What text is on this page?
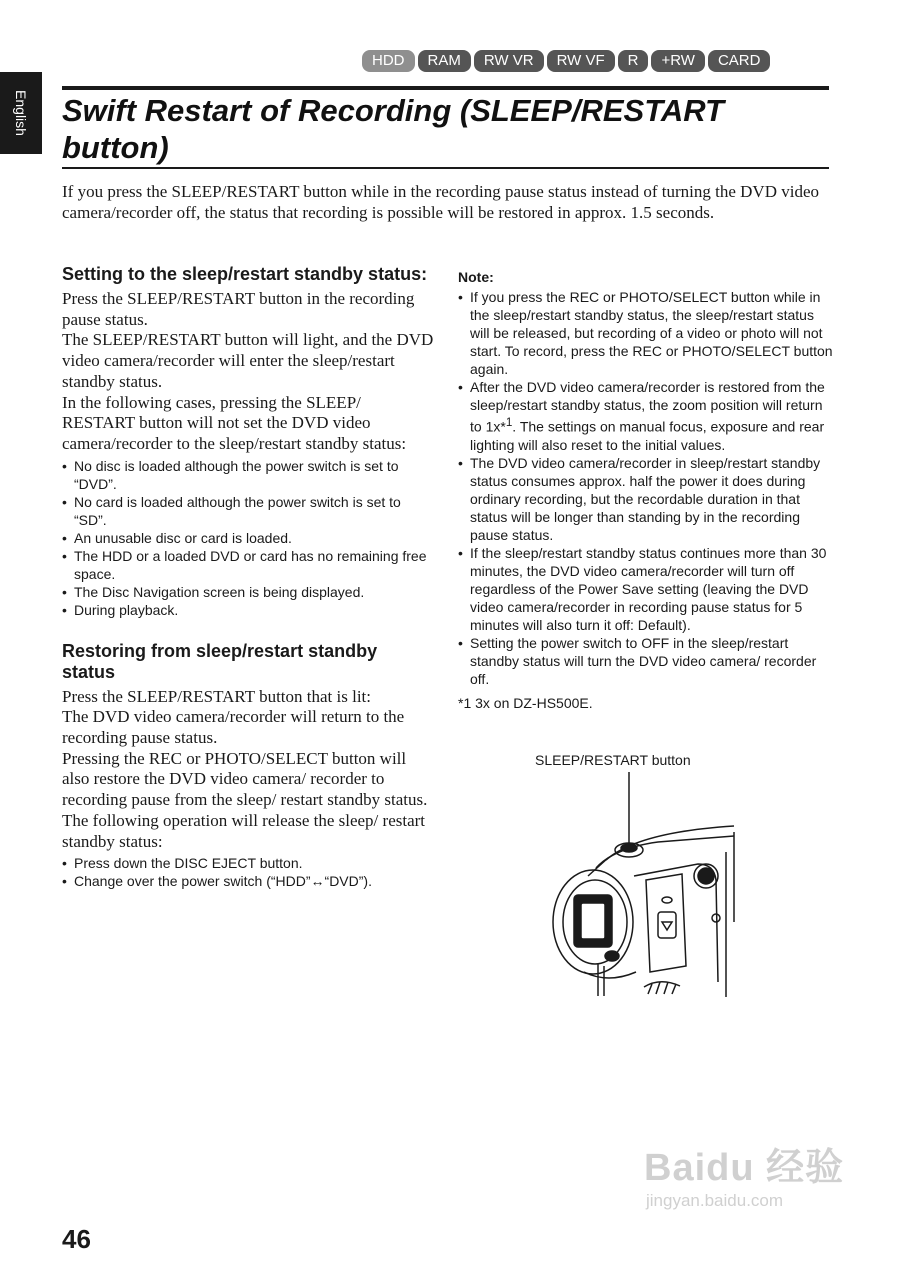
English
HDD	RAM	RW VR	RW VF	R	+RW	CARD
Swift Restart of Recording (SLEEP/RESTART button)

If you press the SLEEP/RESTART button while in the recording pause status instead of turning the DVD video camera/recorder off, the status that recording is possible will be restored in approx. 1.5 seconds.

Setting to the sleep/restart standby status:

Press the SLEEP/RESTART button in the recording pause status.

The SLEEP/RESTART button will light, and the DVD video camera/recorder will enter the sleep/restart standby status.

In the following cases, pressing the SLEEP/ RESTART button will not set the DVD video camera/recorder to the sleep/restart standby status:

• No disc is loaded although the power switch is set to “DVD”.
• No card is loaded although the power switch is set to “SD”.
• An unusable disc or card is loaded.
• The HDD or a loaded DVD or card has no remaining free space.
• The Disc Navigation screen is being displayed.
• During playback.
Restoring from sleep/restart standby status

Press the SLEEP/RESTART button that is lit:

The DVD video camera/recorder will return to the recording pause status.

Pressing the REC or PHOTO/SELECT button will also restore the DVD video camera/ recorder to recording pause from the sleep/ restart standby status.

The following operation will release the sleep/ restart standby status:

• Press down the DISC EJECT button.
• Change over the power switch (“HDD”↔“DVD”).
Note:
• If you press the REC or PHOTO/SELECT button while in the sleep/restart standby status, the sleep/restart status will be released, but recording of a video or photo will not start. To record, press the REC or PHOTO/SELECT button again.
• After the DVD video camera/recorder is restored from the sleep/restart standby status, the zoom position will return to 1x*$^1$. The settings on manual focus, exposure and rear lighting will also reset to the initial values.
• The DVD video camera/recorder in sleep/restart standby status consumes approx. half the power it does during ordinary recording, but the recordable duration in that status will be longer than standing by in the recording pause status.
• If the sleep/restart standby status continues more than 30 minutes, the DVD video camera/recorder will turn off regardless of the Power Save setting (leaving the DVD video camera/recorder in recording pause status for 5 minutes will also turn it off: Default).
• Setting the power switch to OFF in the sleep/restart standby status will turn the DVD video camera/ recorder off.
*1 3x on DZ-HS500E.
SLEEP/RESTART button
46
Baidu 经验
jingyan.baidu.com
